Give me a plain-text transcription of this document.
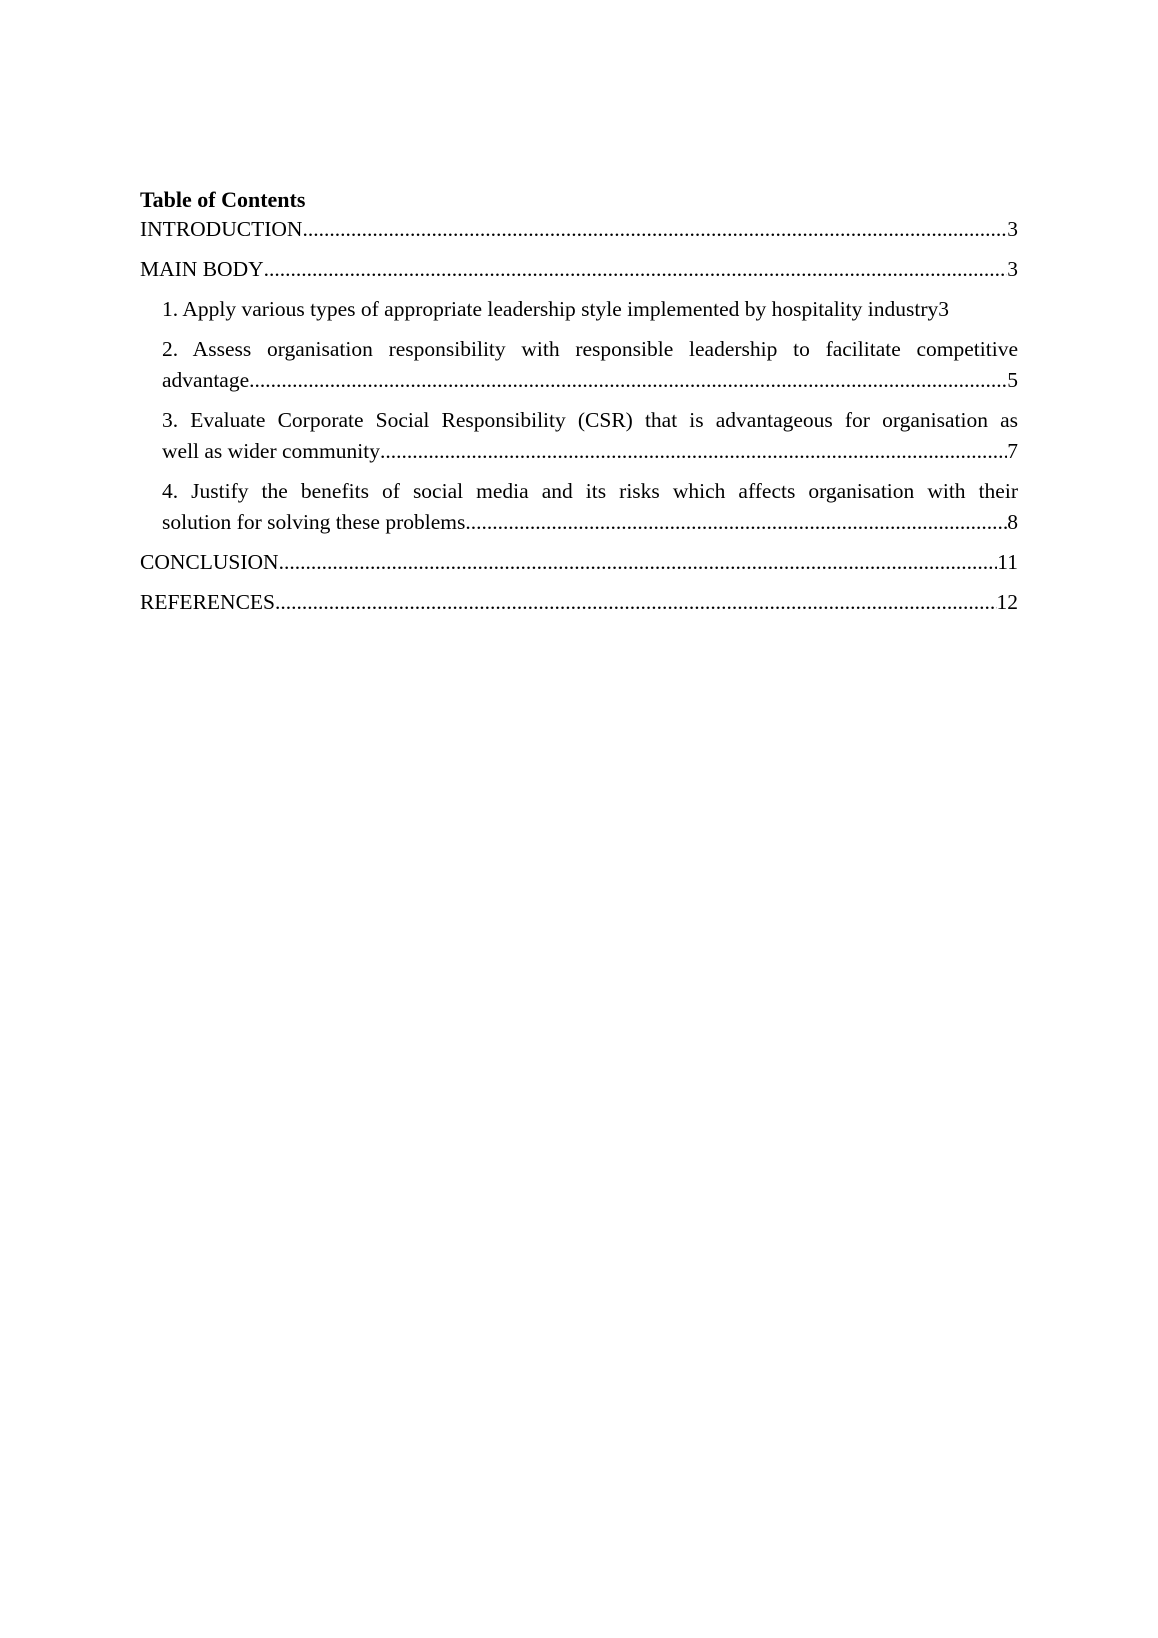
Table of Contents
INTRODUCTION .....	3
MAIN BODY .....	3
1. Apply various types of appropriate leadership style implemented by hospitality industry 3
2. Assess organisation responsibility with responsible leadership to facilitate competitive
advantage .....	5
3. Evaluate Corporate Social Responsibility (CSR) that is advantageous for organisation as
well as wider community .....	7
4. Justify the benefits of social media and its risks which affects organisation with their
solution for solving these problems .....	8
CONCLUSION .....	11
REFERENCES .....	12
